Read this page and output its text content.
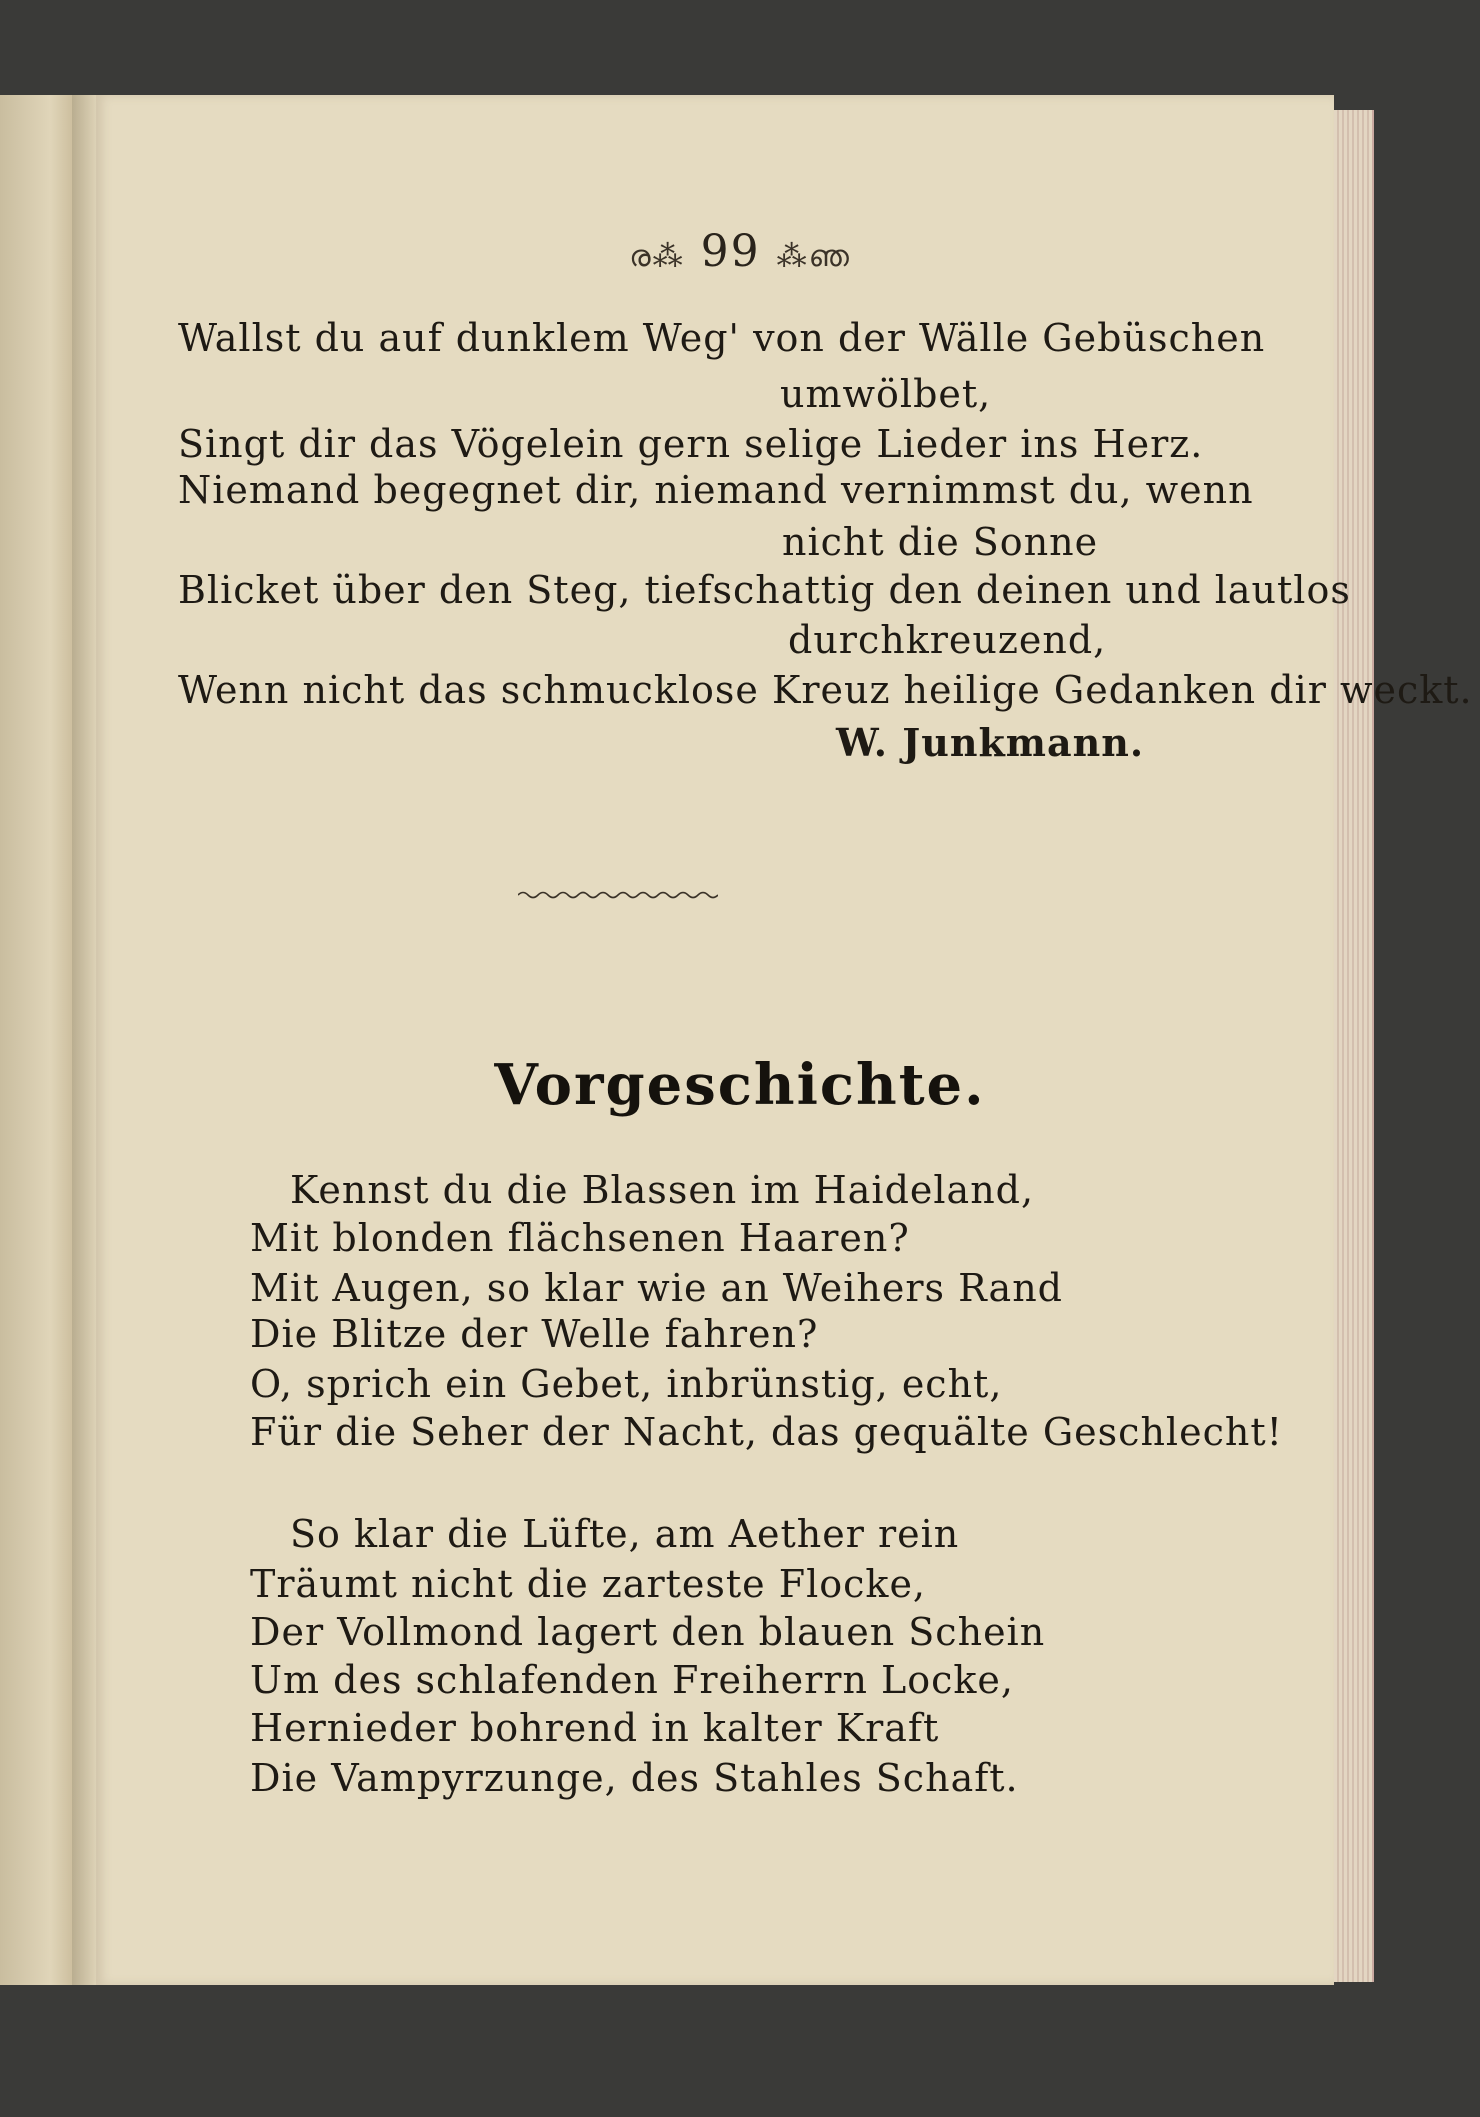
ര⁂ 99 ⁂ഞ
Wallst du auf dunklem Weg' von der Wälle Gebüschen
umwölbet,
Singt dir das Vögelein gern selige Lieder ins Herz.
Niemand begegnet dir, niemand vernimmst du, wenn
nicht die Sonne
Blicket über den Steg, tiefschattig den deinen und lautlos
durchkreuzend,
Wenn nicht das schmucklose Kreuz heilige Gedanken dir weckt.
W. Junkmann.
Vorgeschichte.
Kennst du die Blassen im Haideland,
Mit blonden flächsenen Haaren?
Mit Augen, so klar wie an Weihers Rand
Die Blitze der Welle fahren?
O, sprich ein Gebet, inbrünstig, echt,
Für die Seher der Nacht, das gequälte Geschlecht!
So klar die Lüfte, am Aether rein
Träumt nicht die zarteste Flocke,
Der Vollmond lagert den blauen Schein
Um des schlafenden Freiherrn Locke,
Hernieder bohrend in kalter Kraft
Die Vampyrzunge, des Stahles Schaft.
